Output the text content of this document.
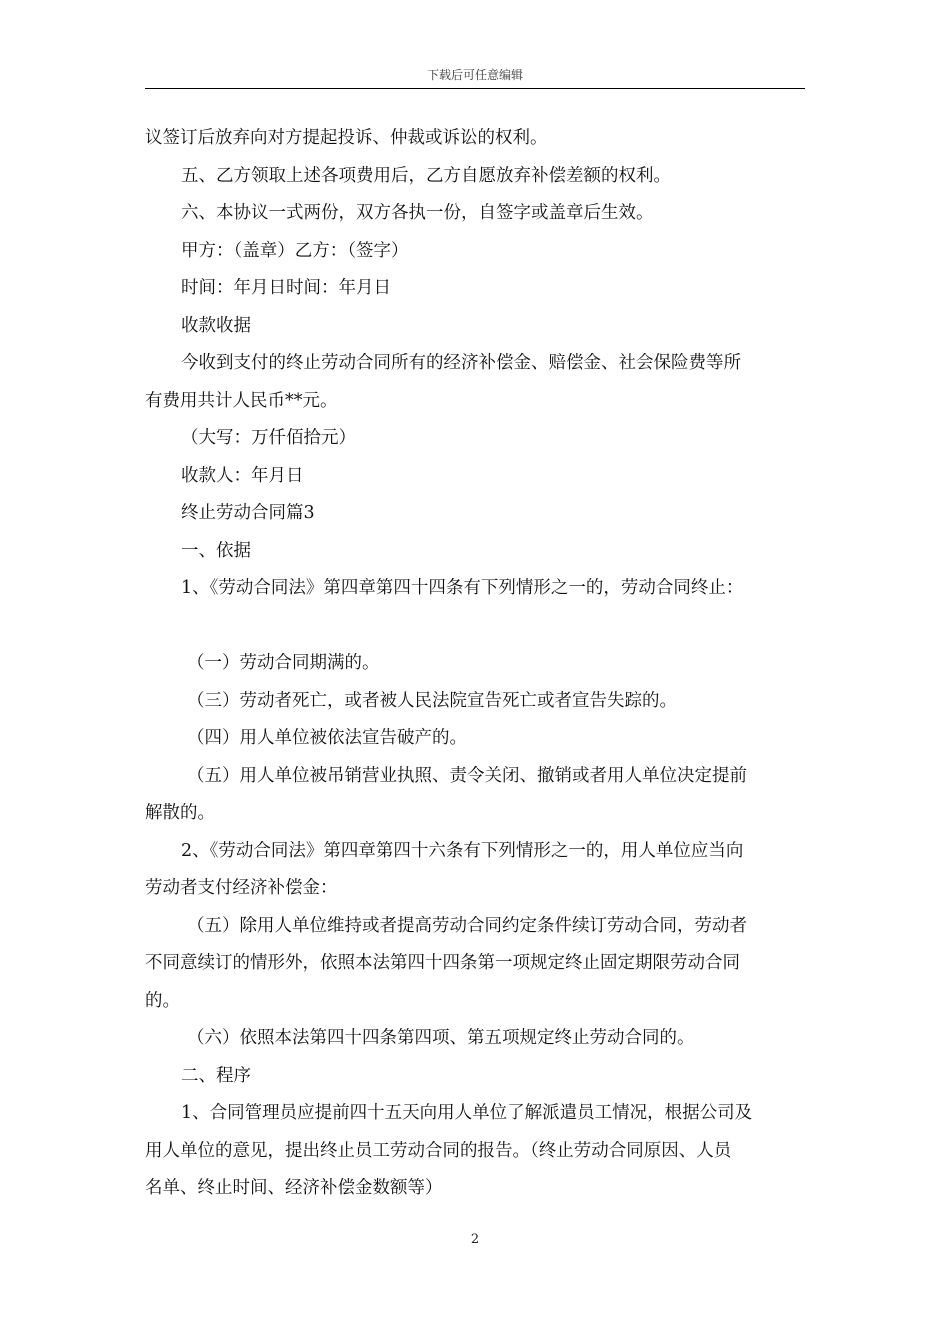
下载后可任意编辑

议签订后放弃向对方提起投诉、仲裁或诉讼的权利。

五、乙方领取上述各项费用后，乙方自愿放弃补偿差额的权利。

六、本协议一式两份，双方各执一份，自签字或盖章后生效。

甲方：（盖章）乙方：（签字）

时间：年月日时间：年月日

收款收据

今收到支付的终止劳动合同所有的经济补偿金、赔偿金、社会保险费等所

有费用共计人民币**元。

（大写：万仟佰拾元）

收款人：年月日

终止劳动合同篇3

一、依据

1、《劳动合同法》第四章第四十四条有下列情形之一的，劳动合同终止：

（一）劳动合同期满的。

（三）劳动者死亡，或者被人民法院宣告死亡或者宣告失踪的。

（四）用人单位被依法宣告破产的。

（五）用人单位被吊销营业执照、责令关闭、撤销或者用人单位决定提前

解散的。

2、《劳动合同法》第四章第四十六条有下列情形之一的，用人单位应当向

劳动者支付经济补偿金：

（五）除用人单位维持或者提高劳动合同约定条件续订劳动合同，劳动者

不同意续订的情形外，依照本法第四十四条第一项规定终止固定期限劳动合同

的。

（六）依照本法第四十四条第四项、第五项规定终止劳动合同的。

二、程序

1、合同管理员应提前四十五天向用人单位了解派遣员工情况，根据公司及

用人单位的意见，提出终止员工劳动合同的报告。（终止劳动合同原因、人员

名单、终止时间、经济补偿金数额等）

2
